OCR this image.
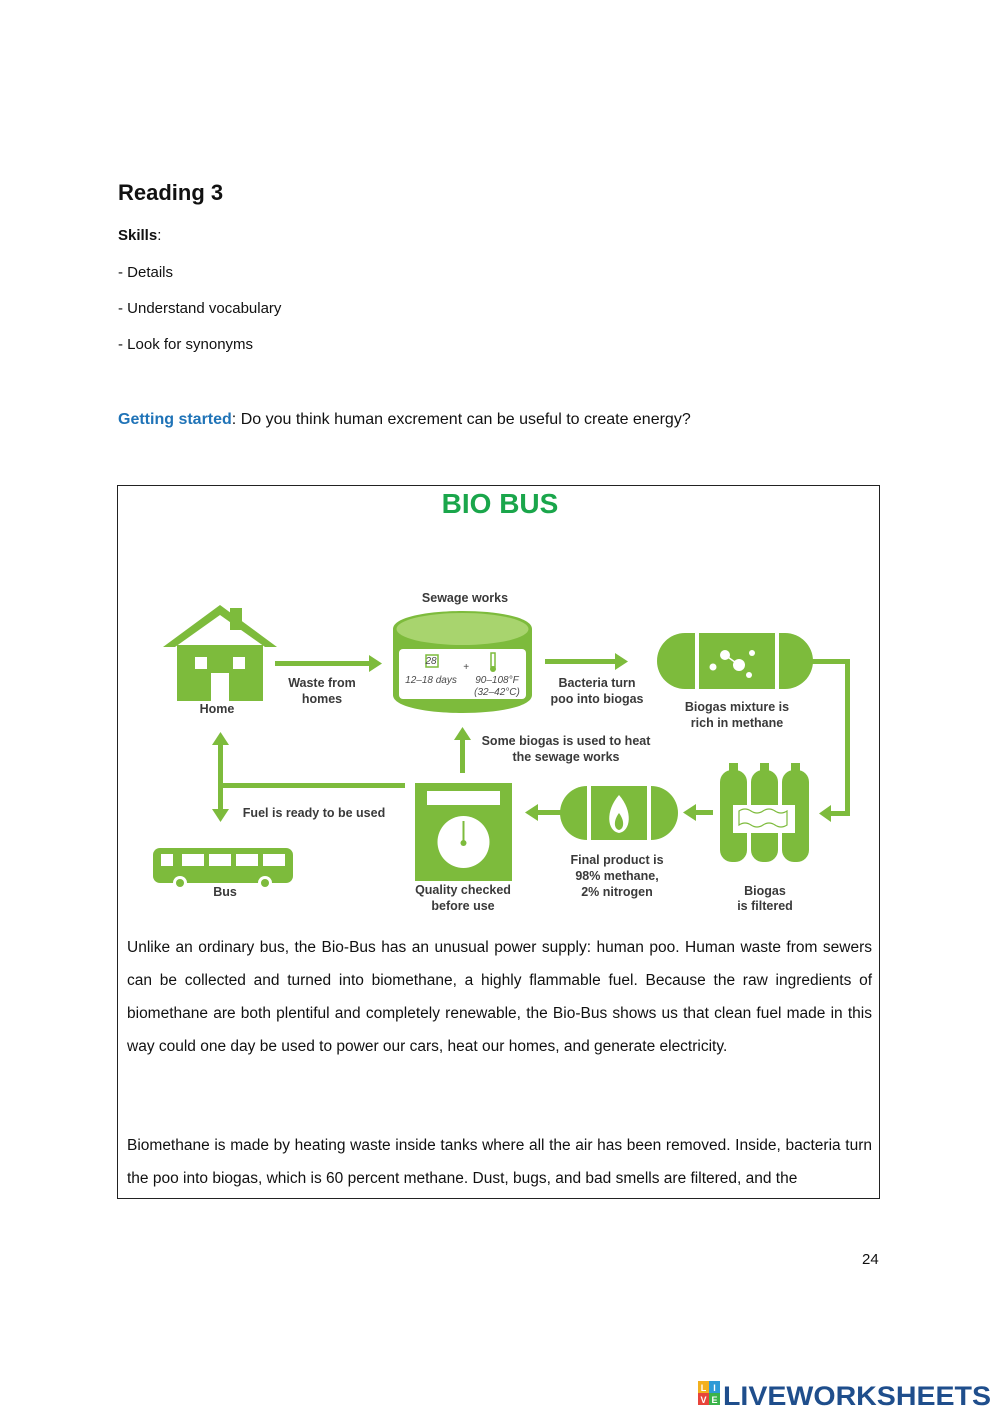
Reading 3
Skills:
- Details
- Understand vocabulary
- Look for synonyms
Getting started: Do you think human excrement can be useful to create energy?
BIO BUS
Sewage works
Home
Waste from
homes
28
+
12–18 days 90–108°F
(32–42°C)
Bacteria turn
poo into biogas
Biogas mixture is
rich in methane
Some biogas is used to heat
the sewage works
Fuel is ready to be used
Bus	Quality checked
before use
Final product is
98% methane,
2% nitrogen	Biogas
is filtered
Unlike an ordinary bus, the Bio-Bus has an unusual power supply: human poo. Human waste from sewers can be collected and turned into biomethane, a highly flammable fuel. Because the raw ingredients of biomethane are both plentiful and completely renewable, the Bio-Bus shows us that clean fuel made in this way could one day be used to power our cars, heat our homes, and generate electricity.
Biomethane is made by heating waste inside tanks where all the air has been removed. Inside, bacteria turn the poo into biogas, which is 60 percent methane. Dust, bugs, and bad smells are filtered, and the
24
L I
V E LIVEWORKSHEETS
